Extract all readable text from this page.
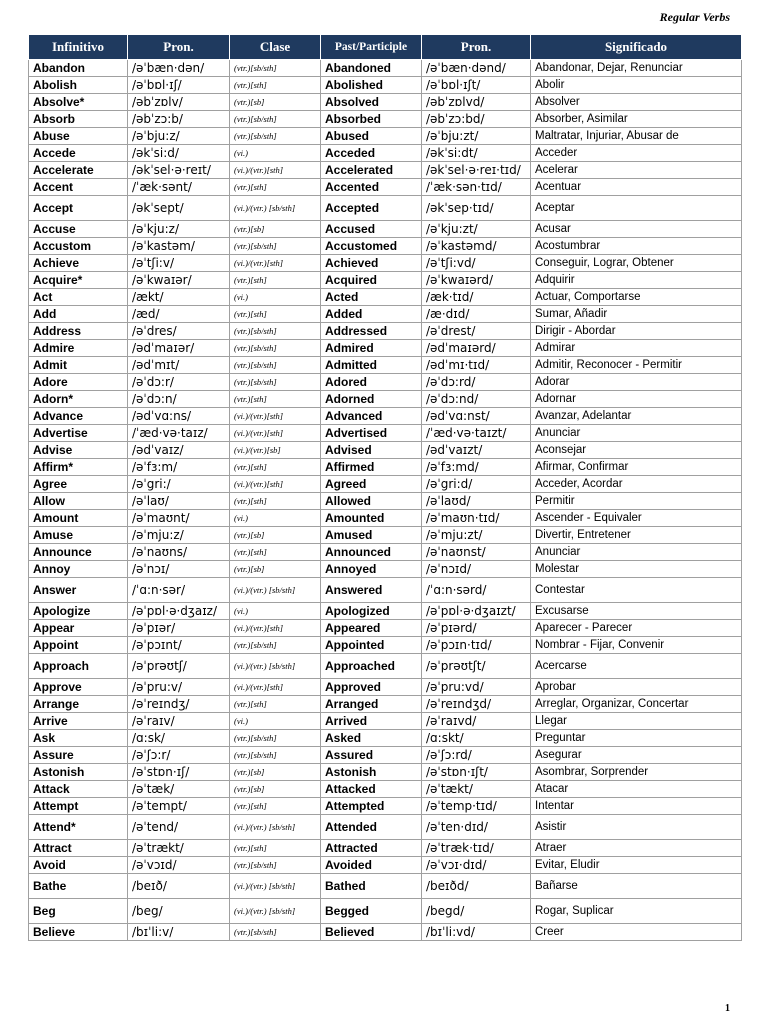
Regular Verbs
Infinitivo	Pron.	Clase	Past/Participle	Pron.	Significado
Abandon	/əˈbæn·dən/	(vtr.)[sb/sth]	Abandoned	/əˈbæn·dənd/	Abandonar, Dejar, Renunciar
Abolish	/əˈbɒl·ɪʃ/	(vtr.)[sth]	Abolished	/əˈbɒl·ɪʃt/	Abolir
Absolve*	/əbˈzɒlv/	(vtr.)[sb]	Absolved	/əbˈzɒlvd/	Absolver
Absorb	/əbˈzɔ:b/	(vtr.)[sb/sth]	Absorbed	/əbˈzɔ:bd/	Absorber, Asimilar
Abuse	/əˈbju:z/	(vtr.)[sb/sth]	Abused	/əˈbju:zt/	Maltratar, Injuriar, Abusar de
Accede	/əkˈsi:d/	(vi.)	Acceded	/əkˈsi:dt/	Acceder
Accelerate	/əkˈsel·ə·reɪt/	(vi.)/(vtr.)[sth]	Accelerated	/əkˈsel·ə·reɪ·tɪd/	Acelerar
Accent	/ˈæk·sənt/	(vtr.)[sth]	Accented	/ˈæk·sən·tɪd/	Acentuar
Accept	/əkˈsept/	(vi.)/(vtr.) [sb/sth]	Accepted	/əkˈsep·tɪd/	Aceptar
Accuse	/əˈkju:z/	(vtr.)[sb]	Accused	/əˈkju:zt/	Acusar
Accustom	/əˈkastəm/	(vtr.)[sb/sth]	Accustomed	/əˈkastəmd/	Acostumbrar
Achieve	/əˈtʃi:v/	(vi.)/(vtr.)[sth]	Achieved	/əˈtʃi:vd/	Conseguir, Lograr, Obtener
Acquire*	/əˈkwaɪər/	(vtr.)[sth]	Acquired	/əˈkwaɪərd/	Adquirir
Act	/ækt/	(vi.)	Acted	/æk·tɪd/	Actuar, Comportarse
Add	/æd/	(vtr.)[sth]	Added	/æ·dɪd/	Sumar, Añadir
Address	/əˈdres/	(vtr.)[sb/sth]	Addressed	/əˈdrest/	Dirigir - Abordar
Admire	/ədˈmaɪər/	(vtr.)[sb/sth]	Admired	/ədˈmaɪərd/	Admirar
Admit	/ədˈmɪt/	(vtr.)[sb/sth]	Admitted	/ədˈmɪ·tɪd/	Admitir, Reconocer - Permitir
Adore	/əˈdɔ:r/	(vtr.)[sb/sth]	Adored	/əˈdɔ:rd/	Adorar
Adorn*	/əˈdɔ:n/	(vtr.)[sth]	Adorned	/əˈdɔ:nd/	Adornar
Advance	/ədˈvɑ:ns/	(vi.)/(vtr.)[sth]	Advanced	/ədˈvɑ:nst/	Avanzar, Adelantar
Advertise	/ˈæd·və·taɪz/	(vi.)/(vtr.)[sth]	Advertised	/ˈæd·və·taɪzt/	Anunciar
Advise	/ədˈvaɪz/	(vi.)/(vtr.)[sb]	Advised	/ədˈvaɪzt/	Aconsejar
Affirm*	/əˈfɜ:m/	(vtr.)[sth]	Affirmed	/əˈfɜ:md/	Afirmar, Confirmar
Agree	/əˈgri:/	(vi.)/(vtr.)[sth]	Agreed	/əˈgri:d/	Acceder, Acordar
Allow	/əˈlaʊ/	(vtr.)[sth]	Allowed	/əˈlaʊd/	Permitir
Amount	/əˈmaʊnt/	(vi.)	Amounted	/əˈmaʊn·tɪd/	Ascender - Equivaler
Amuse	/əˈmju:z/	(vtr.)[sb]	Amused	/əˈmju:zt/	Divertir, Entretener
Announce	/əˈnaʊns/	(vtr.)[sth]	Announced	/əˈnaʊnst/	Anunciar
Annoy	/əˈnɔɪ/	(vtr.)[sb]	Annoyed	/əˈnɔɪd/	Molestar
Answer	/ˈɑ:n·sər/	(vi.)/(vtr.) [sb/sth]	Answered	/ˈɑ:n·sərd/	Contestar
Apologize	/əˈpɒl·ə·dʒaɪz/	(vi.)	Apologized	/əˈpɒl·ə·dʒaɪzt/	Excusarse
Appear	/əˈpɪər/	(vi.)/(vtr.)[sth]	Appeared	/əˈpɪərd/	Aparecer - Parecer
Appoint	/əˈpɔɪnt/	(vtr.)[sb/sth]	Appointed	/əˈpɔɪn·tɪd/	Nombrar - Fijar, Convenir
Approach	/əˈprəʊtʃ/	(vi.)/(vtr.) [sb/sth]	Approached	/əˈprəʊtʃt/	Acercarse
Approve	/əˈpru:v/	(vi.)/(vtr.)[sth]	Approved	/əˈpru:vd/	Aprobar
Arrange	/əˈreɪndʒ/	(vtr.)[sth]	Arranged	/əˈreɪndʒd/	Arreglar, Organizar, Concertar
Arrive	/əˈraɪv/	(vi.)	Arrived	/əˈraɪvd/	Llegar
Ask	/ɑ:sk/	(vtr.)[sb/sth]	Asked	/ɑ:skt/	Preguntar
Assure	/əˈʃɔ:r/	(vtr.)[sb/sth]	Assured	/əˈʃɔ:rd/	Asegurar
Astonish	/əˈstɒn·ɪʃ/	(vtr.)[sb]	Astonish	/əˈstɒn·ɪʃt/	Asombrar, Sorprender
Attack	/əˈtæk/	(vtr.)[sb]	Attacked	/əˈtækt/	Atacar
Attempt	/əˈtempt/	(vtr.)[sth]	Attempted	/əˈtemp·tɪd/	Intentar
Attend*	/əˈtend/	(vi.)/(vtr.) [sb/sth]	Attended	/əˈten·dɪd/	Asistir
Attract	/əˈtrækt/	(vtr.)[sth]	Attracted	/əˈtræk·tɪd/	Atraer
Avoid	/əˈvɔɪd/	(vtr.)[sb/sth]	Avoided	/əˈvɔɪ·dɪd/	Evitar, Eludir
Bathe	/beɪð/	(vi.)/(vtr.) [sb/sth]	Bathed	/beɪðd/	Bañarse
Beg	/beg/	(vi.)/(vtr.) [sb/sth]	Begged	/begd/	Rogar, Suplicar
Believe	/bɪˈli:v/	(vtr.)[sb/sth]	Believed	/bɪˈli:vd/	Creer
1
